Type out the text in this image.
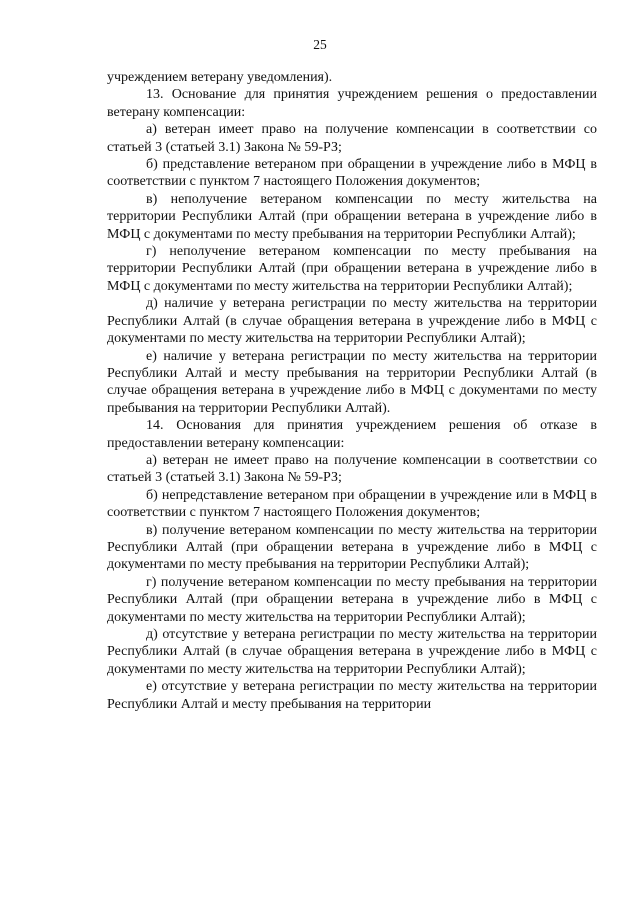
25

учреждением ветерану уведомления).

13. Основание для принятия учреждением решения о предоставлении ветерану компенсации:

а) ветеран имеет право на получение компенсации в соответствии со статьей 3 (статьей 3.1) Закона № 59-РЗ;

б) представление ветераном при обращении в учреждение либо в МФЦ в соответствии с пунктом 7 настоящего Положения документов;

в) неполучение ветераном компенсации по месту жительства на территории Республики Алтай (при обращении ветерана в учреждение либо в МФЦ с документами по месту пребывания на территории Республики Алтай);

г) неполучение ветераном компенсации по месту пребывания на территории Республики Алтай (при обращении ветерана в учреждение либо в МФЦ с документами по месту жительства на территории Республики Алтай);

д) наличие у ветерана регистрации по месту жительства на территории Республики Алтай (в случае обращения ветерана в учреждение либо в МФЦ с документами по месту жительства на территории Республики Алтай);

е) наличие у ветерана регистрации по месту жительства на территории Республики Алтай и месту пребывания на территории Республики Алтай (в случае обращения ветерана в учреждение либо в МФЦ с документами по месту пребывания на территории Республики Алтай).

14. Основания для принятия учреждением решения об отказе в предоставлении ветерану компенсации:

а) ветеран не имеет право на получение компенсации в соответствии со статьей 3 (статьей 3.1) Закона № 59-РЗ;

б) непредставление ветераном при обращении в учреждение или в МФЦ в соответствии с пунктом 7 настоящего Положения документов;

в) получение ветераном компенсации по месту жительства на территории Республики Алтай (при обращении ветерана в учреждение либо в МФЦ с документами по месту пребывания на территории Республики Алтай);

г) получение ветераном компенсации по месту пребывания на территории Республики Алтай (при обращении ветерана в учреждение либо в МФЦ с документами по месту жительства на территории Республики Алтай);

д) отсутствие у ветерана регистрации по месту жительства на территории Республики Алтай (в случае обращения ветерана в учреждение либо в МФЦ с документами по месту жительства на территории Республики Алтай);

е) отсутствие у ветерана регистрации по месту жительства на территории Республики Алтай и месту пребывания на территории
